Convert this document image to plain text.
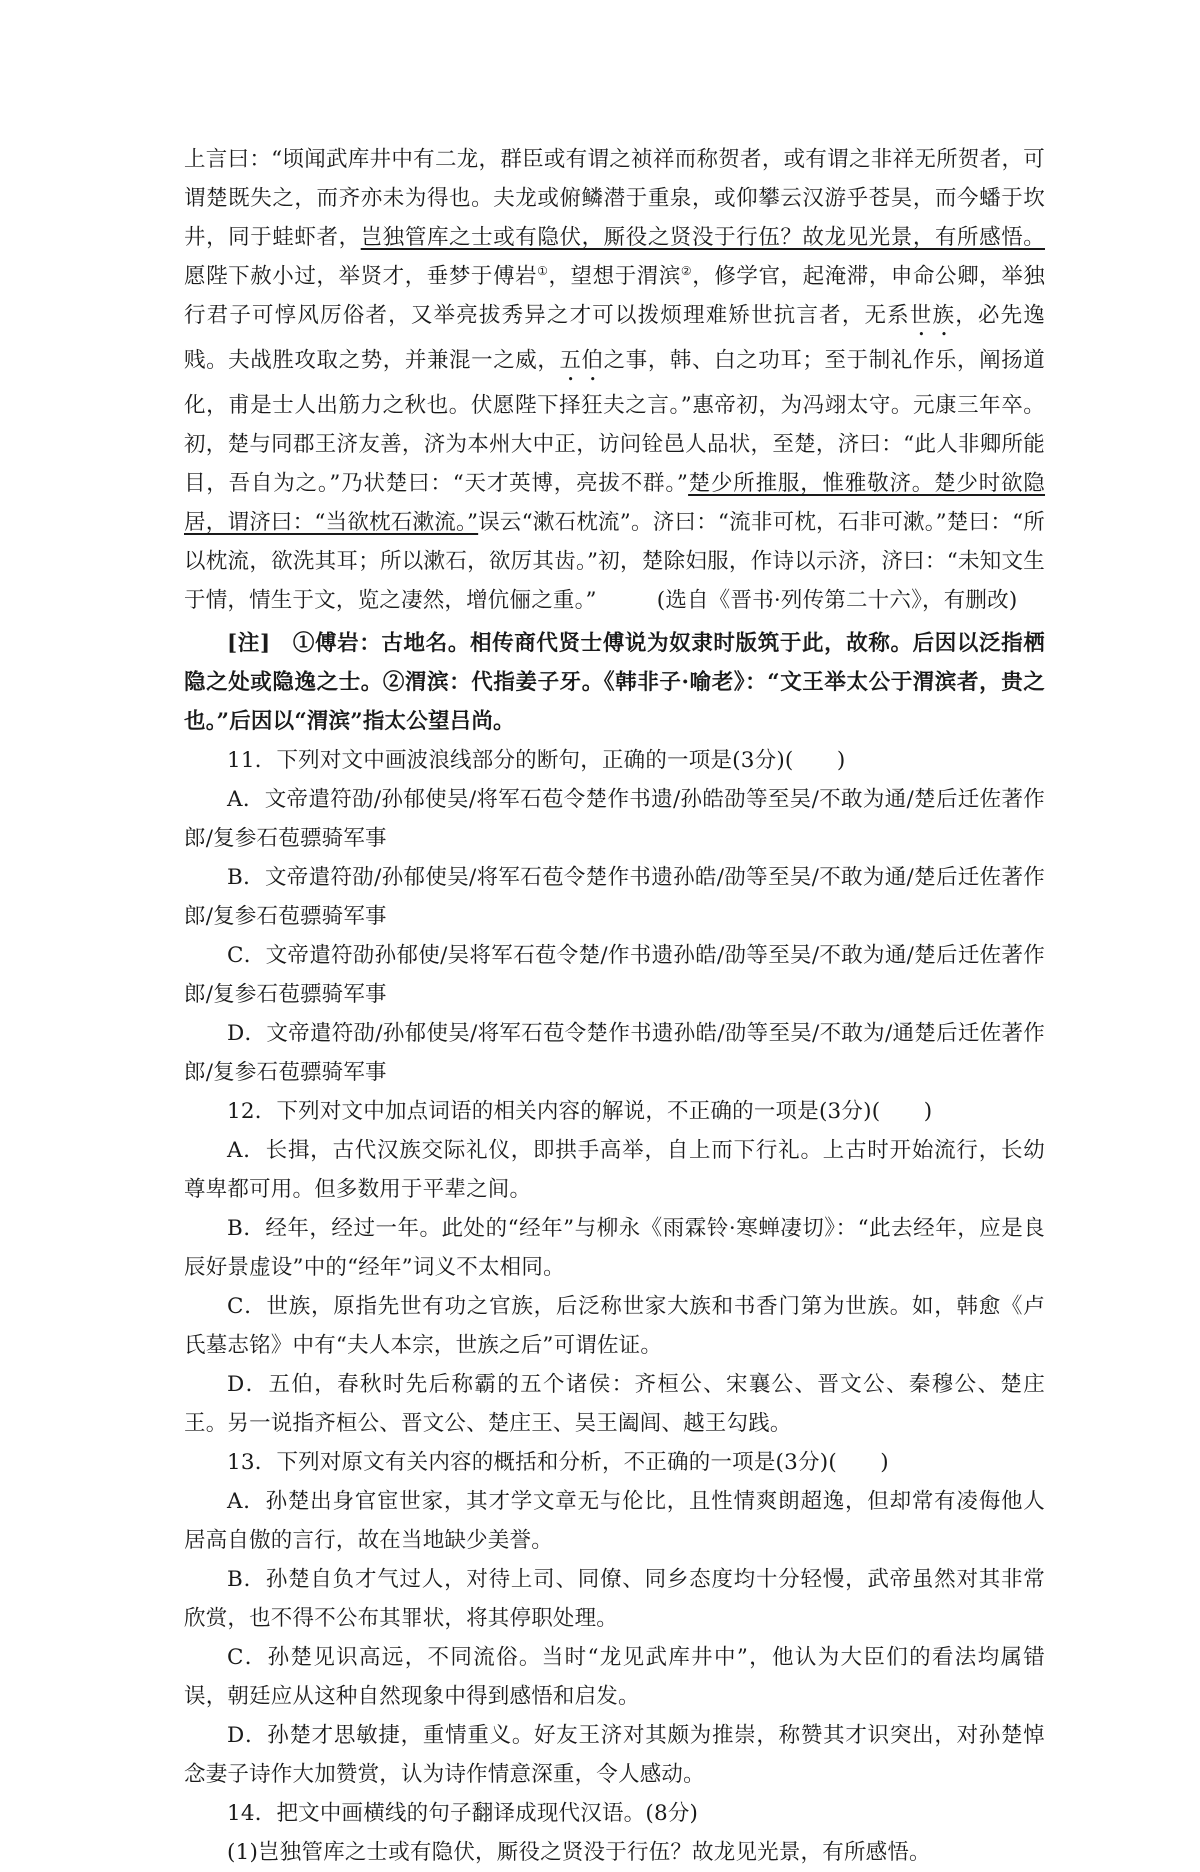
上言曰：“顷闻武库井中有二龙，群臣或有谓之祯祥而称贺者，或有谓之非祥无所贺者，可谓楚既失之，而齐亦未为得也。夫龙或俯鳞潜于重泉，或仰攀云汉游乎苍昊，而今蟠于坎井，同于蛙虾者，岂独管库之士或有隐伏，厮役之贤没于行伍？故龙见光景，有所感悟。愿陛下赦小过，举贤才，垂梦于傅岩①，望想于渭滨②，修学官，起淹滞，申命公卿，举独行君子可惇风厉俗者，又举亮拔秀异之才可以拨烦理难矫世抗言者，无系世族，必先逸贱。夫战胜攻取之势，并兼混一之威，五伯之事，韩、白之功耳；至于制礼作乐，阐扬道化，甫是士人出筋力之秋也。伏愿陛下择狂夫之言。”惠帝初，为冯翊太守。元康三年卒。初，楚与同郡王济友善，济为本州大中正，访问铨邑人品状，至楚，济曰：“此人非卿所能目，吾自为之。”乃状楚曰：“天才英博，亮拔不群。”楚少所推服，惟雅敬济。楚少时欲隐居，谓济曰：“当欲枕石漱流。”误云“漱石枕流”。济曰：“流非可枕，石非可漱。”楚曰：“所以枕流，欲洗其耳；所以漱石，欲厉其齿。”初，楚除妇服，作诗以示济，济曰：“未知文生于情，情生于文，览之凄然，增伉俪之重。”	(选自《晋书·列传第二十六》，有删改)

[注]　①傅岩：古地名。相传商代贤士傅说为奴隶时版筑于此，故称。后因以泛指栖隐之处或隐逸之士。②渭滨：代指姜子牙。《韩非子·喻老》：“文王举太公于渭滨者，贵之也。”后因以“渭滨”指太公望吕尚。

11．下列对文中画波浪线部分的断句，正确的一项是(3分)(　　)

A．文帝遣符劭/孙郁使吴/将军石苞令楚作书遗/孙皓劭等至吴/不敢为通/楚后迁佐著作郎/复参石苞骠骑军事

B．文帝遣符劭/孙郁使吴/将军石苞令楚作书遗孙皓/劭等至吴/不敢为通/楚后迁佐著作郎/复参石苞骠骑军事

C．文帝遣符劭孙郁使/吴将军石苞令楚/作书遗孙皓/劭等至吴/不敢为通/楚后迁佐著作郎/复参石苞骠骑军事

D．文帝遣符劭/孙郁使吴/将军石苞令楚作书遗孙皓/劭等至吴/不敢为/通楚后迁佐著作郎/复参石苞骠骑军事

12．下列对文中加点词语的相关内容的解说，不正确的一项是(3分)(　　)

A．长揖，古代汉族交际礼仪，即拱手高举，自上而下行礼。上古时开始流行，长幼尊卑都可用。但多数用于平辈之间。

B．经年，经过一年。此处的“经年”与柳永《雨霖铃·寒蝉凄切》：“此去经年，应是良辰好景虚设”中的“经年”词义不太相同。

C．世族，原指先世有功之官族，后泛称世家大族和书香门第为世族。如，韩愈《卢氏墓志铭》中有“夫人本宗，世族之后”可谓佐证。

D．五伯，春秋时先后称霸的五个诸侯：齐桓公、宋襄公、晋文公、秦穆公、楚庄王。另一说指齐桓公、晋文公、楚庄王、吴王阖闾、越王勾践。

13．下列对原文有关内容的概括和分析，不正确的一项是(3分)(　　)

A．孙楚出身官宦世家，其才学文章无与伦比，且性情爽朗超逸，但却常有凌侮他人居高自傲的言行，故在当地缺少美誉。

B．孙楚自负才气过人，对待上司、同僚、同乡态度均十分轻慢，武帝虽然对其非常欣赏，也不得不公布其罪状，将其停职处理。

C．孙楚见识高远，不同流俗。当时“龙见武库井中”，他认为大臣们的看法均属错误，朝廷应从这种自然现象中得到感悟和启发。

D．孙楚才思敏捷，重情重义。好友王济对其颇为推崇，称赞其才识突出，对孙楚悼念妻子诗作大加赞赏，认为诗作情意深重，令人感动。

14．把文中画横线的句子翻译成现代汉语。(8分)

(1)岂独管库之士或有隐伏，厮役之贤没于行伍？故龙见光景，有所感悟。
